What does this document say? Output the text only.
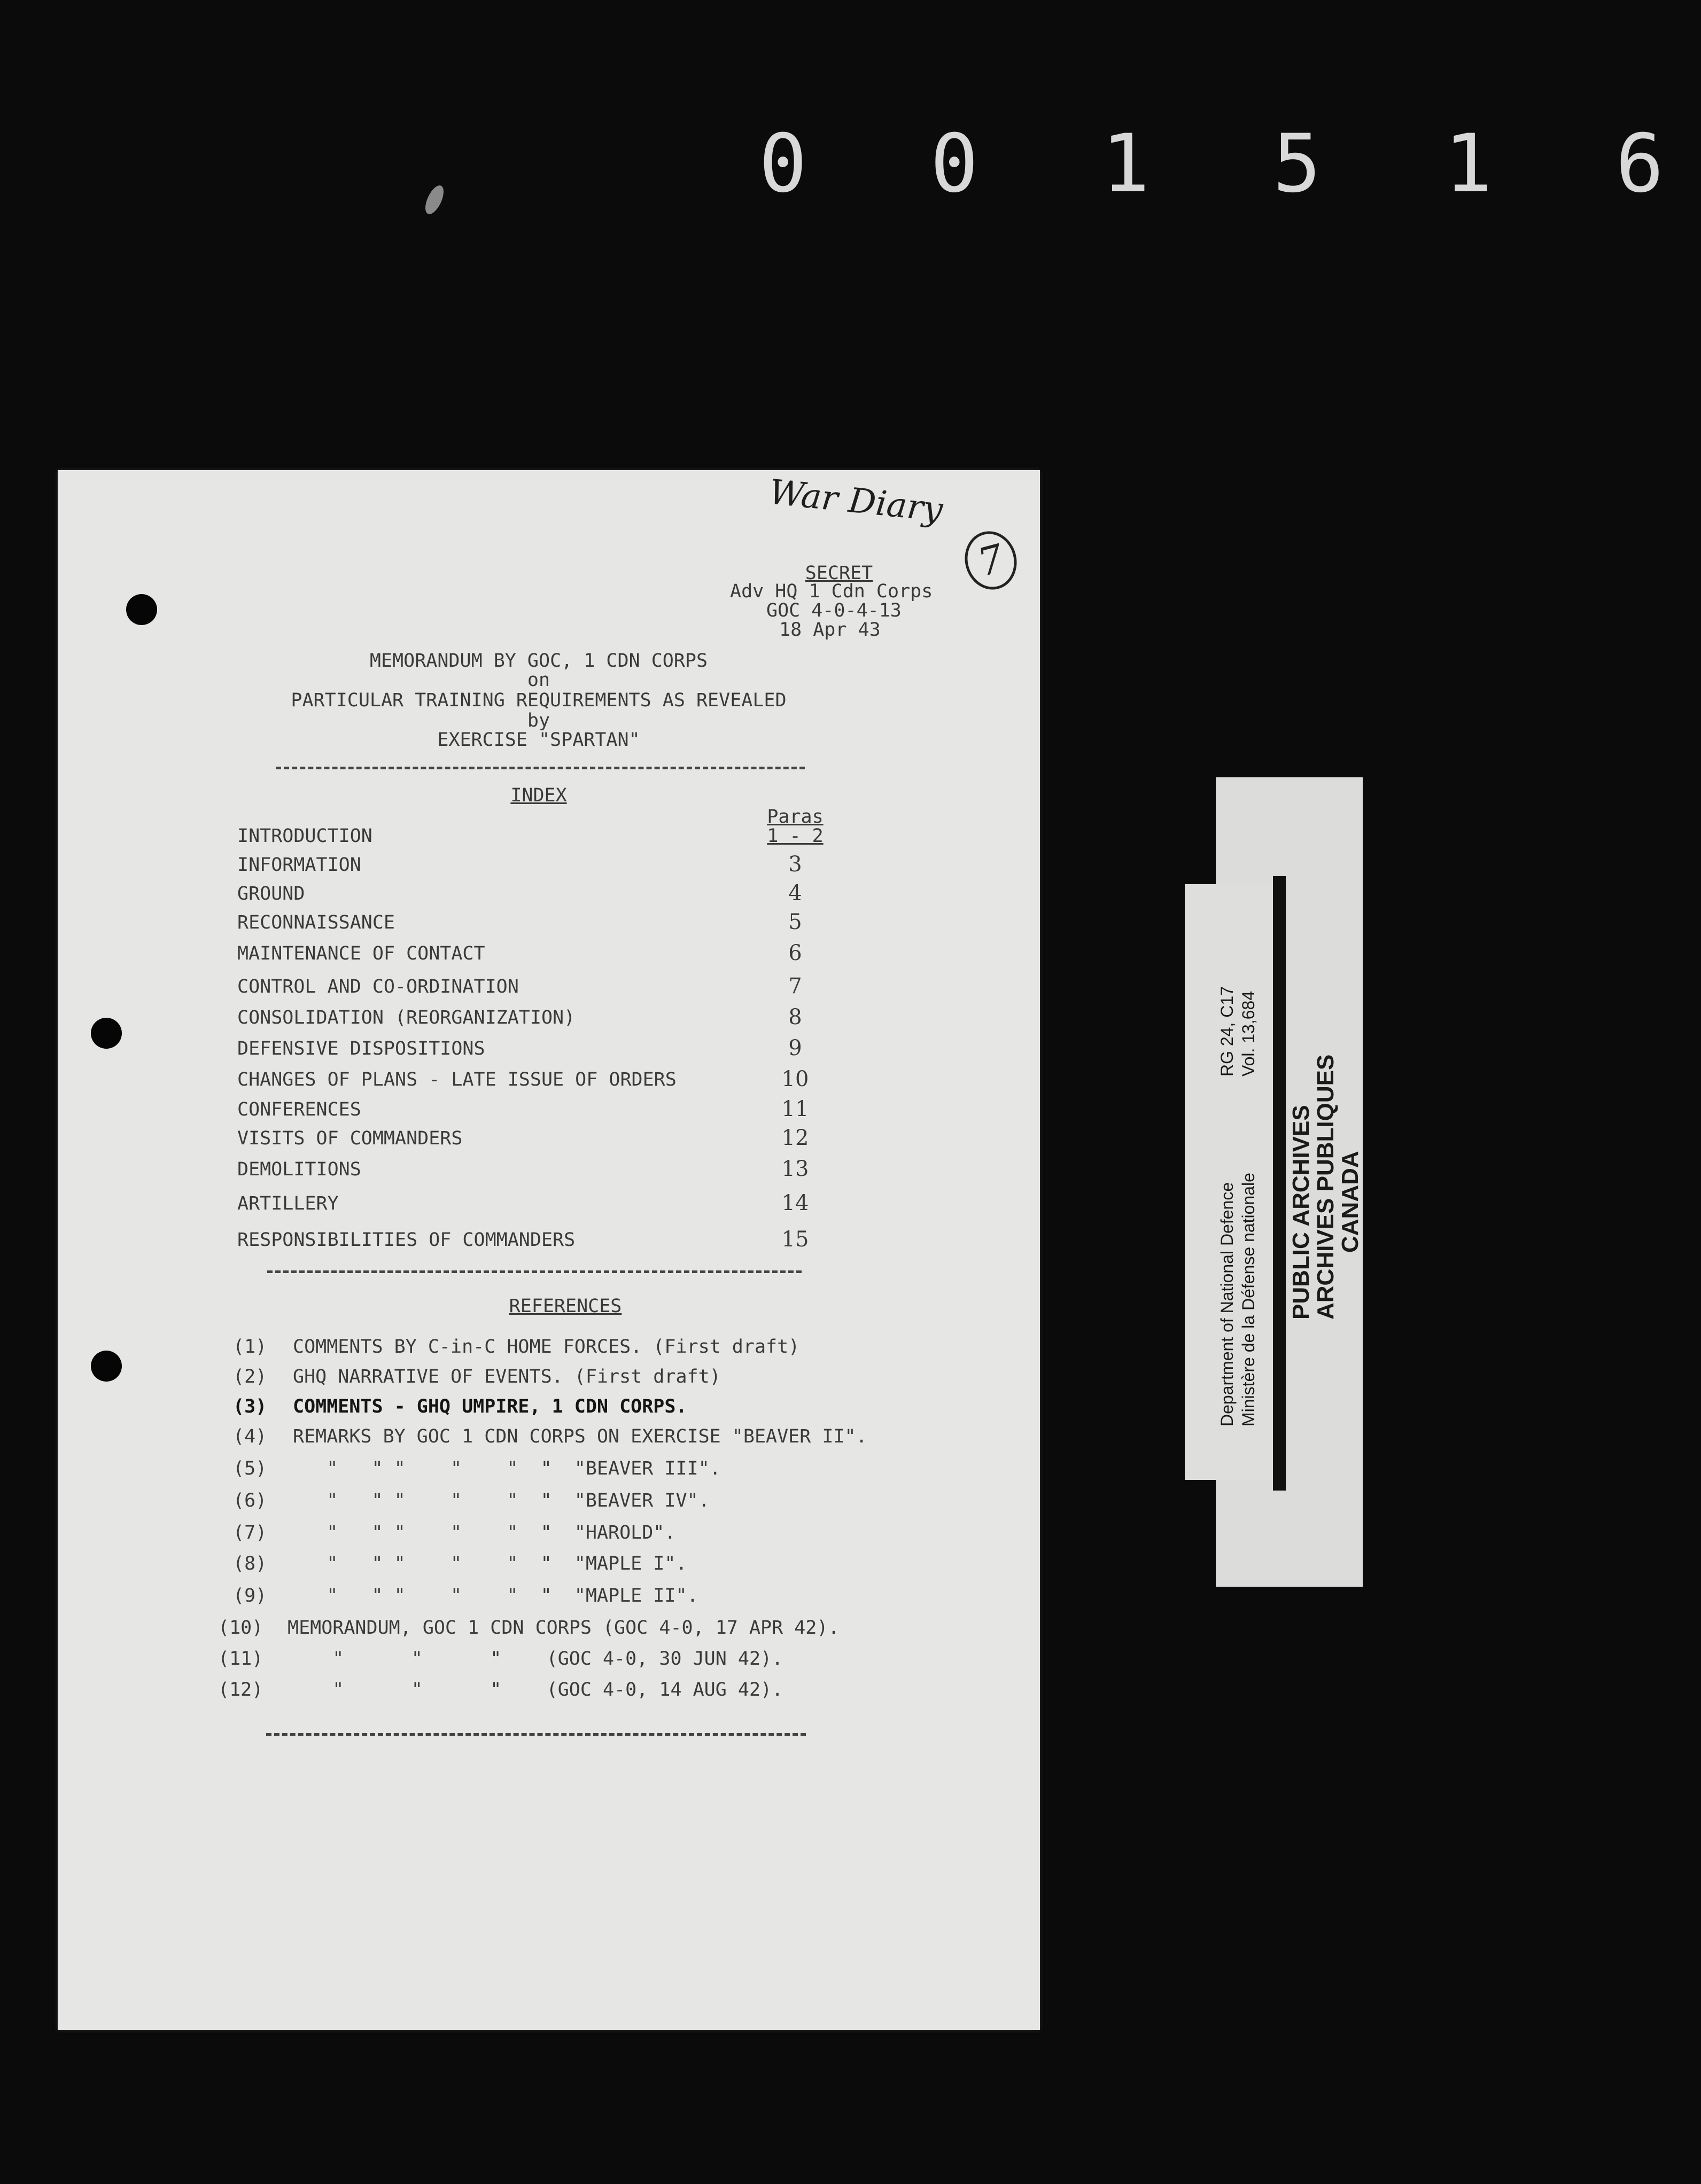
0 0 1 5 1 6
War Diary
7
SECRET
Adv HQ 1 Cdn Corps
GOC 4-0-4-13
18 Apr 43
MEMORANDUM BY GOC, 1 CDN CORPS
on
PARTICULAR TRAINING REQUIREMENTS AS REVEALED
by
EXERCISE "SPARTAN"
INDEX
Paras
INTRODUCTION	1 - 2
INFORMATION	3
GROUND	4
RECONNAISSANCE	5
MAINTENANCE OF CONTACT	6
CONTROL AND CO-ORDINATION	7
CONSOLIDATION (REORGANIZATION)	8
DEFENSIVE DISPOSITIONS	9
CHANGES OF PLANS - LATE ISSUE OF ORDERS	10
CONFERENCES	11
VISITS OF COMMANDERS	12
DEMOLITIONS	13
ARTILLERY	14
RESPONSIBILITIES OF COMMANDERS	15
REFERENCES
(1) COMMENTS BY C-in-C HOME FORCES. (First draft)
(2) GHQ NARRATIVE OF EVENTS. (First draft)
(3) COMMENTS - GHQ UMPIRE, 1 CDN CORPS.
(4) REMARKS BY GOC 1 CDN CORPS ON EXERCISE "BEAVER II".
(5) "   " "    "    "  "  "BEAVER III".
(6) "   " "    "    "  "  "BEAVER IV".
(7) "   " "    "    "  "  "HAROLD".
(8) "   " "    "    "  "  "MAPLE I".
(9) "   " "    "    "  "  "MAPLE II".
(10) MEMORANDUM, GOC 1 CDN CORPS (GOC 4-0, 17 APR 42).
(11) "      "      "    (GOC 4-0, 30 JUN 42).
(12) "      "      "    (GOC 4-0, 14 AUG 42).
Department of National Defence Ministère de la Défense nationale
RG 24, C17 Vol. 13,684
PUBLIC ARCHIVES
ARCHIVES PUBLIQUES
CANADA
